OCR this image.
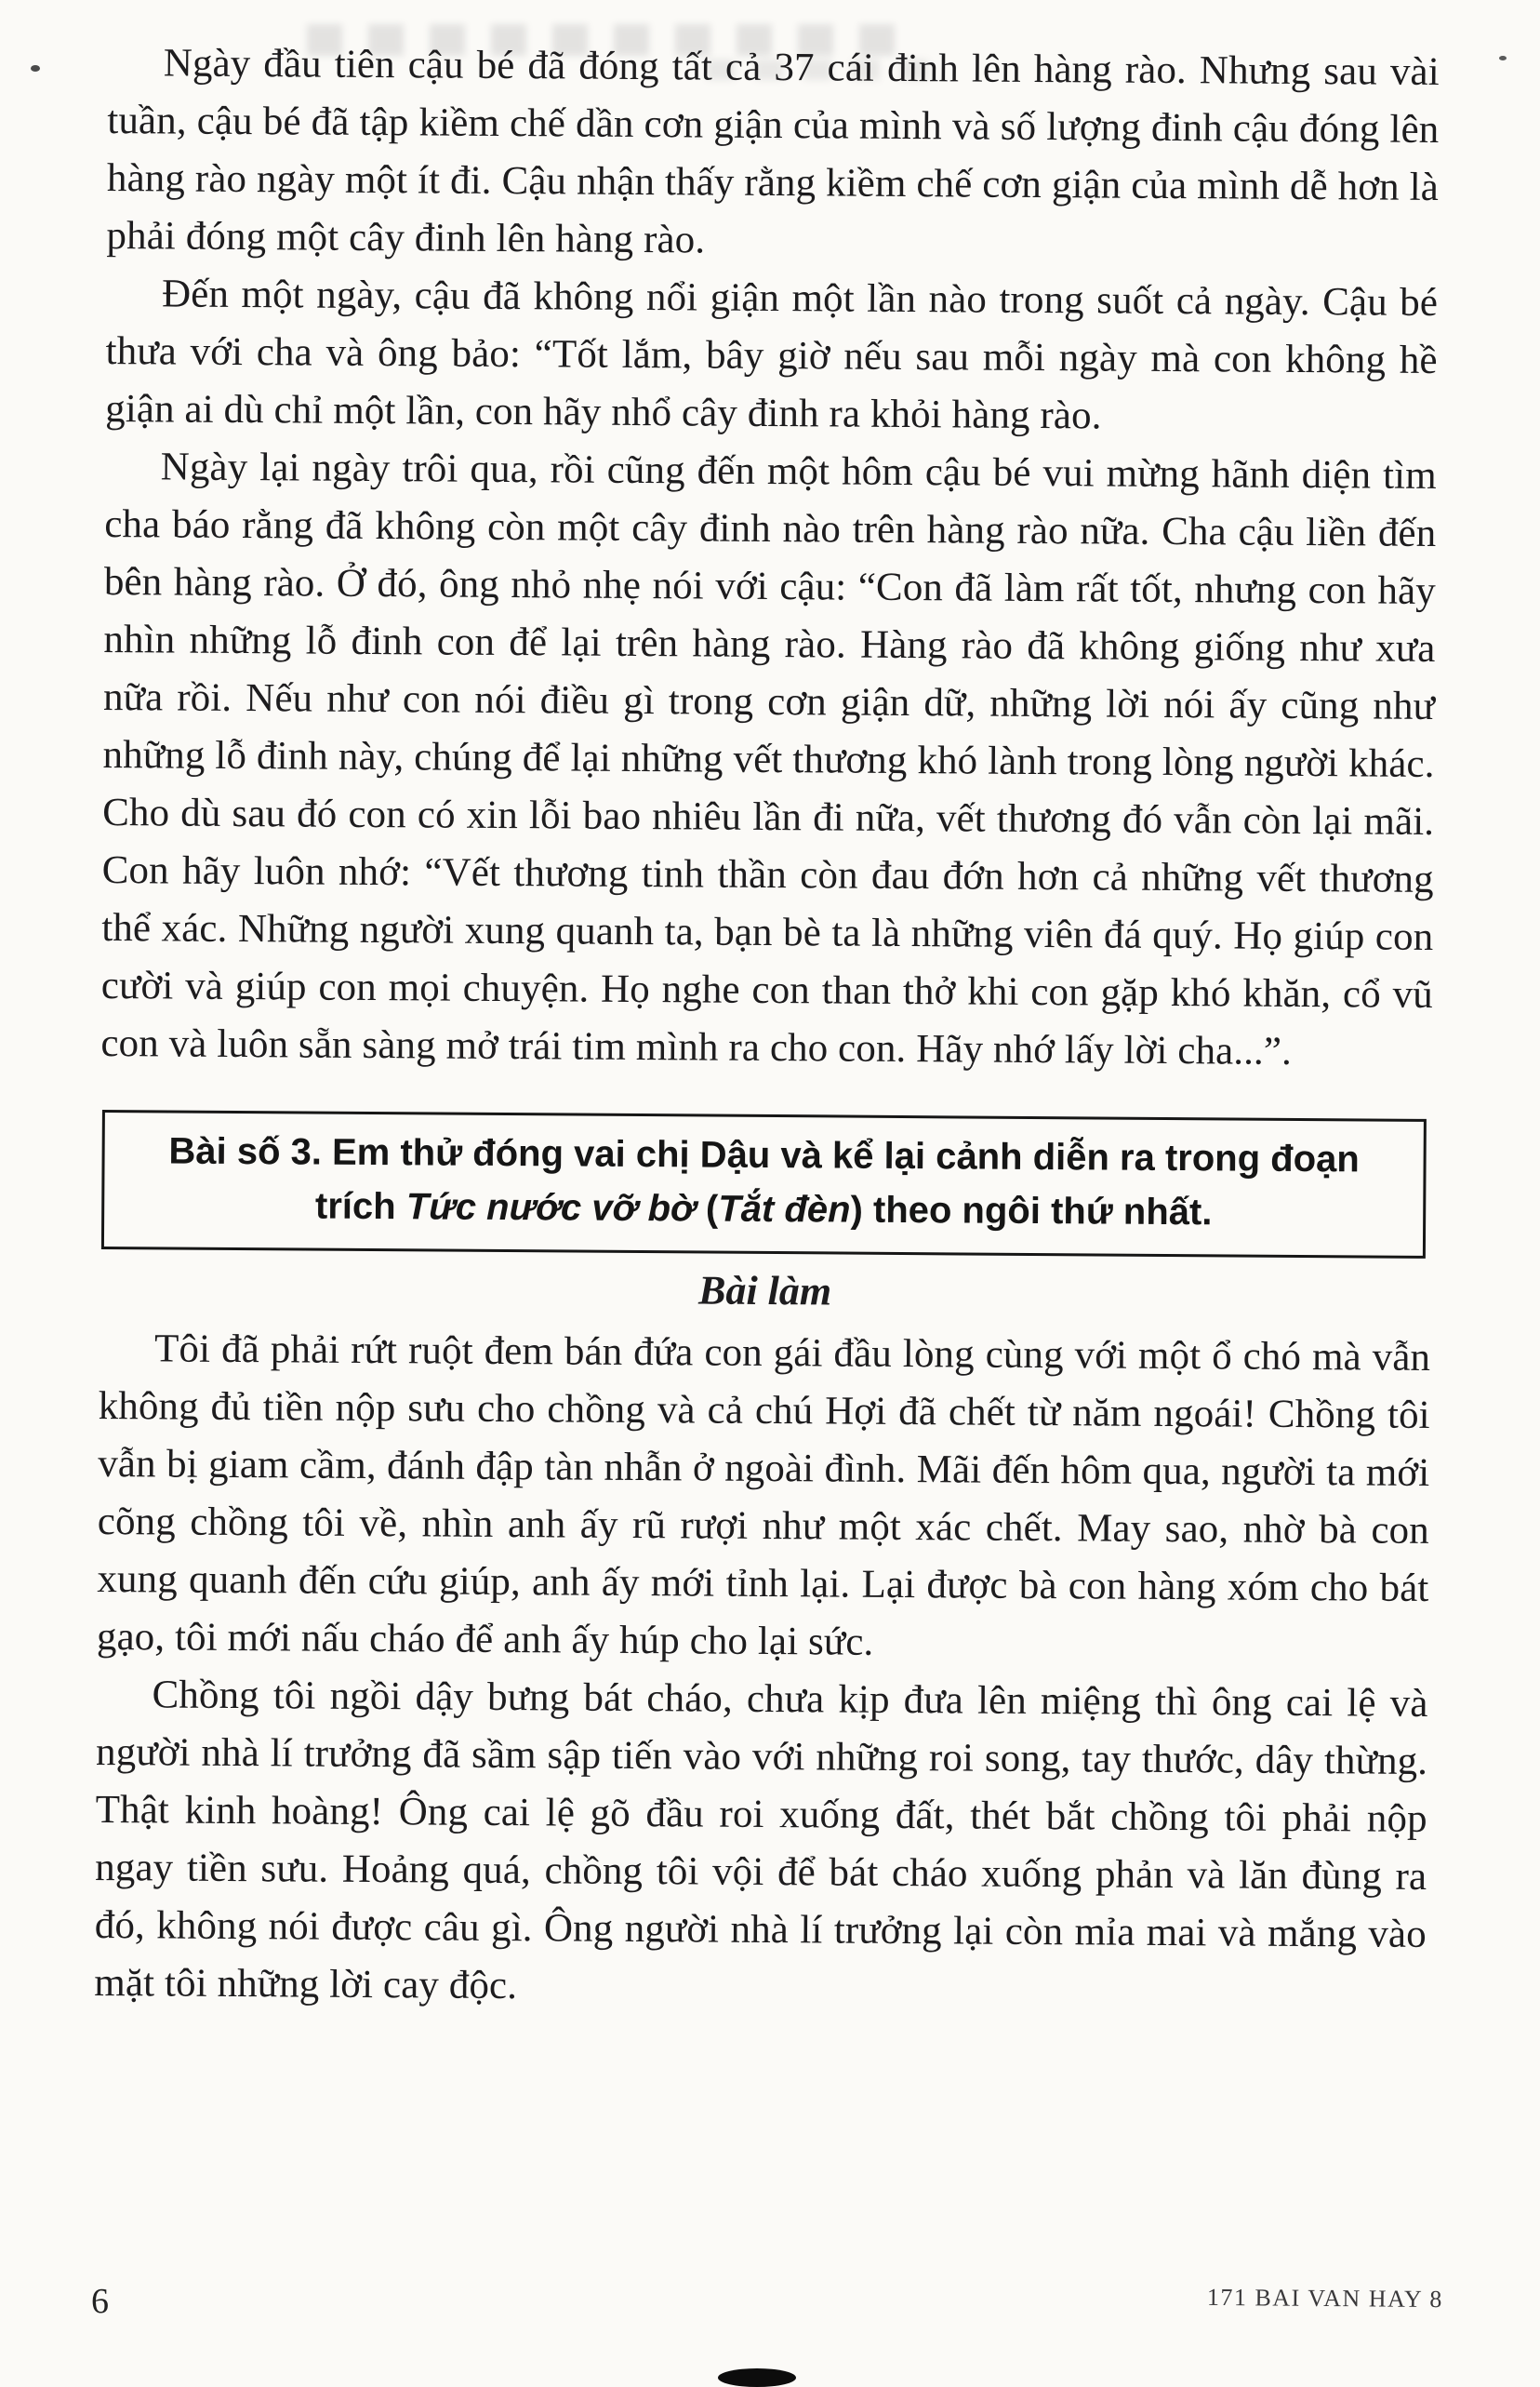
Ngày đầu tiên cậu bé đã đóng tất cả 37 cái đinh lên hàng rào. Nhưng sau vài tuần, cậu bé đã tập kiềm chế dần cơn giận của mình và số lượng đinh cậu đóng lên hàng rào ngày một ít đi. Cậu nhận thấy rằng kiềm chế cơn giận của mình dễ hơn là phải đóng một cây đinh lên hàng rào.

Đến một ngày, cậu đã không nổi giận một lần nào trong suốt cả ngày. Cậu bé thưa với cha và ông bảo: “Tốt lắm, bây giờ nếu sau mỗi ngày mà con không hề giận ai dù chỉ một lần, con hãy nhổ cây đinh ra khỏi hàng rào.

Ngày lại ngày trôi qua, rồi cũng đến một hôm cậu bé vui mừng hãnh diện tìm cha báo rằng đã không còn một cây đinh nào trên hàng rào nữa. Cha cậu liền đến bên hàng rào. Ở đó, ông nhỏ nhẹ nói với cậu: “Con đã làm rất tốt, nhưng con hãy nhìn những lỗ đinh con để lại trên hàng rào. Hàng rào đã không giống như xưa nữa rồi. Nếu như con nói điều gì trong cơn giận dữ, những lời nói ấy cũng như những lỗ đinh này, chúng để lại những vết thương khó lành trong lòng người khác. Cho dù sau đó con có xin lỗi bao nhiêu lần đi nữa, vết thương đó vẫn còn lại mãi. Con hãy luôn nhớ: “Vết thương tinh thần còn đau đớn hơn cả những vết thương thể xác. Những người xung quanh ta, bạn bè ta là những viên đá quý. Họ giúp con cười và giúp con mọi chuyện. Họ nghe con than thở khi con gặp khó khăn, cổ vũ con và luôn sẵn sàng mở trái tim mình ra cho con. Hãy nhớ lấy lời cha...”.

Bài số 3. Em thử đóng vai chị Dậu và kể lại cảnh diễn ra trong đoạn trích Tức nước vỡ bờ (Tắt đèn) theo ngôi thứ nhất.
Bài làm

Tôi đã phải rứt ruột đem bán đứa con gái đầu lòng cùng với một ổ chó mà vẫn không đủ tiền nộp sưu cho chồng và cả chú Hợi đã chết từ năm ngoái! Chồng tôi vẫn bị giam cầm, đánh đập tàn nhẫn ở ngoài đình. Mãi đến hôm qua, người ta mới cõng chồng tôi về, nhìn anh ấy rũ rượi như một xác chết. May sao, nhờ bà con xung quanh đến cứu giúp, anh ấy mới tỉnh lại. Lại được bà con hàng xóm cho bát gạo, tôi mới nấu cháo để anh ấy húp cho lại sức.

Chồng tôi ngồi dậy bưng bát cháo, chưa kịp đưa lên miệng thì ông cai lệ và người nhà lí trưởng đã sầm sập tiến vào với những roi song, tay thước, dây thừng. Thật kinh hoàng! Ông cai lệ gõ đầu roi xuống đất, thét bắt chồng tôi phải nộp ngay tiền sưu. Hoảng quá, chồng tôi vội để bát cháo xuống phản và lăn đùng ra đó, không nói được câu gì. Ông người nhà lí trưởng lại còn mỉa mai và mắng vào mặt tôi những lời cay độc.

6	171 BAI VAN HAY 8
